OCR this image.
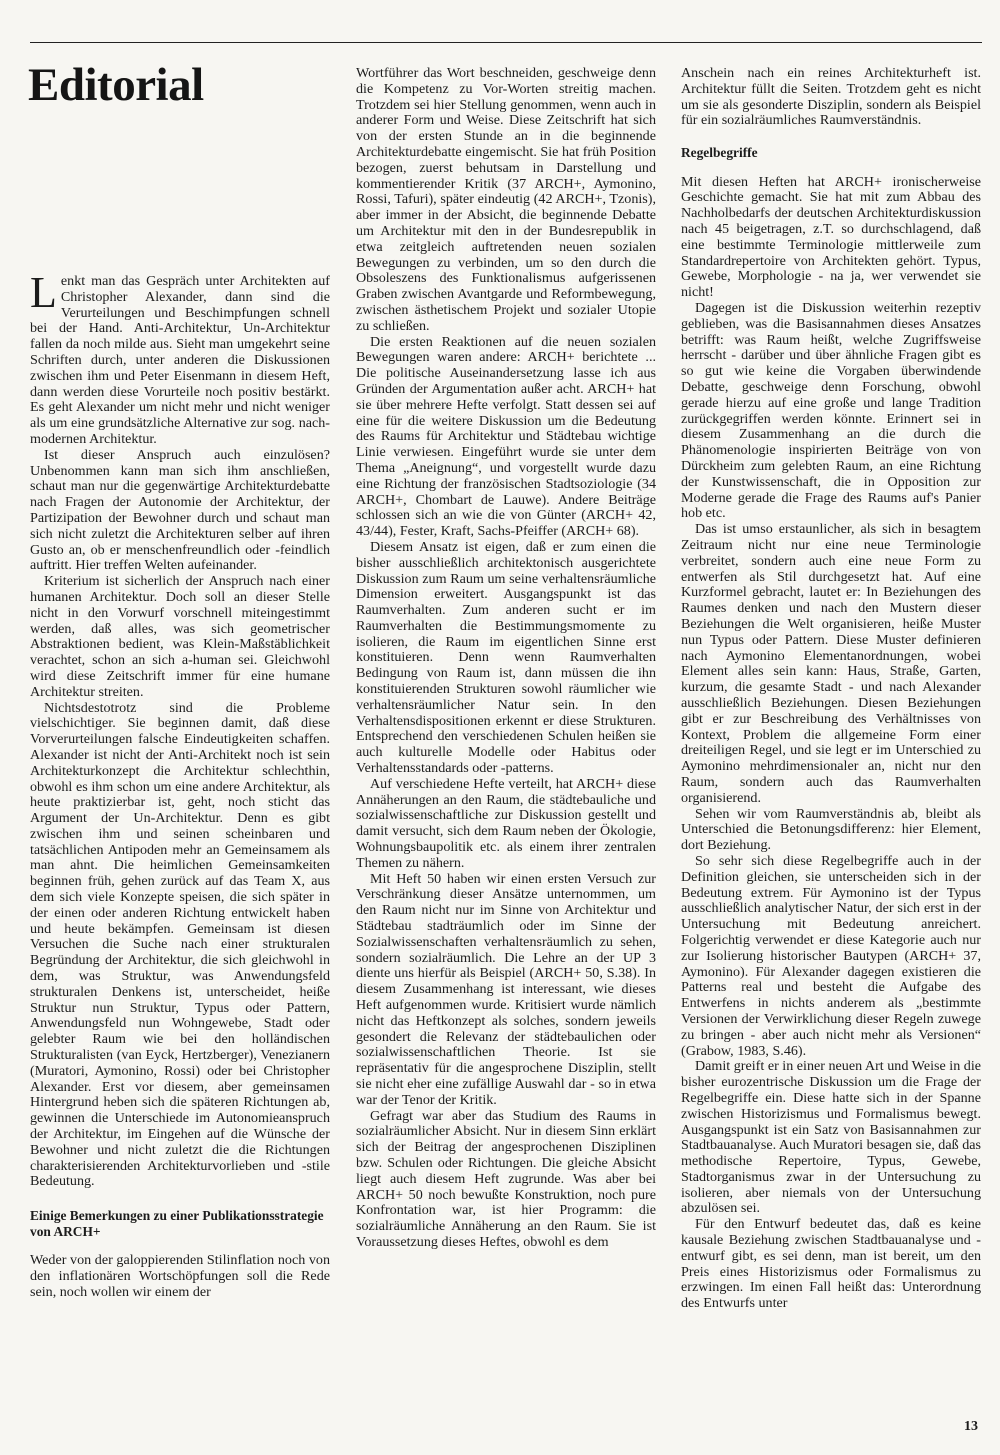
Editorial

Lenkt man das Gespräch unter Architekten auf Christopher Alexander, dann sind die Verurteilungen und Beschimpfungen schnell bei der Hand. Anti-Architektur, Un-Architektur fallen da noch milde aus. Sieht man umgekehrt seine Schriften durch, unter anderen die Diskussionen zwischen ihm und Peter Eisenmann in diesem Heft, dann werden diese Vorurteile noch positiv bestärkt. Es geht Alexander um nicht mehr und nicht weniger als um eine grundsätzliche Alternative zur sog. nach-modernen Architektur.

Ist dieser Anspruch auch einzulösen? Unbenommen kann man sich ihm anschließen, schaut man nur die gegenwärtige Architekturdebatte nach Fragen der Autonomie der Architektur, der Partizipation der Bewohner durch und schaut man sich nicht zuletzt die Architekturen selber auf ihren Gusto an, ob er menschenfreundlich oder -feindlich auftritt. Hier treffen Welten aufeinander.

Kriterium ist sicherlich der Anspruch nach einer humanen Architektur. Doch soll an dieser Stelle nicht in den Vorwurf vorschnell miteingestimmt werden, daß alles, was sich geometrischer Abstraktionen bedient, was Klein-Maßstäblichkeit verachtet, schon an sich a-human sei. Gleichwohl wird diese Zeitschrift immer für eine humane Architektur streiten.

Nichtsdestotrotz sind die Probleme vielschichtiger. Sie beginnen damit, daß diese Vorverurteilungen falsche Eindeutigkeiten schaffen. Alexander ist nicht der Anti-Architekt noch ist sein Architekturkonzept die Architektur schlechthin, obwohl es ihm schon um eine andere Architektur, als heute praktizierbar ist, geht, noch sticht das Argument der Un-Architektur. Denn es gibt zwischen ihm und seinen scheinbaren und tatsächlichen Antipoden mehr an Gemeinsamem als man ahnt. Die heimlichen Gemeinsamkeiten beginnen früh, gehen zurück auf das Team X, aus dem sich viele Konzepte speisen, die sich später in der einen oder anderen Richtung entwickelt haben und heute bekämpfen. Gemeinsam ist diesen Versuchen die Suche nach einer strukturalen Begründung der Architektur, die sich gleichwohl in dem, was Struktur, was Anwendungsfeld strukturalen Denkens ist, unterscheidet, heiße Struktur nun Struktur, Typus oder Pattern, Anwendungsfeld nun Wohngewebe, Stadt oder gelebter Raum wie bei den holländischen Strukturalisten (van Eyck, Hertzberger), Venezianern (Muratori, Aymonino, Rossi) oder bei Christopher Alexander. Erst vor diesem, aber gemeinsamen Hintergrund heben sich die späteren Richtungen ab, gewinnen die Unterschiede im Autonomieanspruch der Architektur, im Eingehen auf die Wünsche der Bewohner und nicht zuletzt die die Richtungen charakterisierenden Architekturvorlieben und -stile Bedeutung.

Einige Bemerkungen zu einer Publikationsstrategie von ARCH+

Weder von der galoppierenden Stilinflation noch von den inflationären Wortschöpfungen soll die Rede sein, noch wollen wir einem der

Wortführer das Wort beschneiden, geschweige denn die Kompetenz zu Vor-Worten streitig machen. Trotzdem sei hier Stellung genommen, wenn auch in anderer Form und Weise. Diese Zeitschrift hat sich von der ersten Stunde an in die beginnende Architekturdebatte eingemischt. Sie hat früh Position bezogen, zuerst behutsam in Darstellung und kommentierender Kritik (37 ARCH+, Aymonino, Rossi, Tafuri), später eindeutig (42 ARCH+, Tzonis), aber immer in der Absicht, die beginnende Debatte um Architektur mit den in der Bundesrepublik in etwa zeitgleich auftretenden neuen sozialen Bewegungen zu verbinden, um so den durch die Obsoleszens des Funktionalismus aufgerissenen Graben zwischen Avantgarde und Reformbewegung, zwischen ästhetischem Projekt und sozialer Utopie zu schließen.

Die ersten Reaktionen auf die neuen sozialen Bewegungen waren andere: ARCH+ berichtete ... Die politische Auseinandersetzung lasse ich aus Gründen der Argumentation außer acht. ARCH+ hat sie über mehrere Hefte verfolgt. Statt dessen sei auf eine für die weitere Diskussion um die Bedeutung des Raums für Architektur und Städtebau wichtige Linie verwiesen. Eingeführt wurde sie unter dem Thema „Aneignung“, und vorgestellt wurde dazu eine Richtung der französischen Stadtsoziologie (34 ARCH+, Chombart de Lauwe). Andere Beiträge schlossen sich an wie die von Günter (ARCH+ 42, 43/44), Fester, Kraft, Sachs-Pfeiffer (ARCH+ 68).

Diesem Ansatz ist eigen, daß er zum einen die bisher ausschließlich architektonisch ausgerichtete Diskussion zum Raum um seine verhaltensräumliche Dimension erweitert. Ausgangspunkt ist das Raumverhalten. Zum anderen sucht er im Raumverhalten die Bestimmungsmomente zu isolieren, die Raum im eigentlichen Sinne erst konstituieren. Denn wenn Raumverhalten Bedingung von Raum ist, dann müssen die ihn konstituierenden Strukturen sowohl räumlicher wie verhaltensräumlicher Natur sein. In den Verhaltensdispositionen erkennt er diese Strukturen. Entsprechend den verschiedenen Schulen heißen sie auch kulturelle Modelle oder Habitus oder Verhaltensstandards oder -patterns.

Auf verschiedene Hefte verteilt, hat ARCH+ diese Annäherungen an den Raum, die städtebauliche und sozialwissenschaftliche zur Diskussion gestellt und damit versucht, sich dem Raum neben der Ökologie, Wohnungsbaupolitik etc. als einem ihrer zentralen Themen zu nähern.

Mit Heft 50 haben wir einen ersten Versuch zur Verschränkung dieser Ansätze unternommen, um den Raum nicht nur im Sinne von Architektur und Städtebau stadträumlich oder im Sinne der Sozialwissenschaften verhaltensräumlich zu sehen, sondern sozialräumlich. Die Lehre an der UP 3 diente uns hierfür als Beispiel (ARCH+ 50, S.38). In diesem Zusammenhang ist interessant, wie dieses Heft aufgenommen wurde. Kritisiert wurde nämlich nicht das Heftkonzept als solches, sondern jeweils gesondert die Relevanz der städtebaulichen oder sozialwissenschaftlichen Theorie. Ist sie repräsentativ für die angesprochene Disziplin, stellt sie nicht eher eine zufällige Auswahl dar - so in etwa war der Tenor der Kritik.

Gefragt war aber das Studium des Raums in sozialräumlicher Absicht. Nur in diesem Sinn erklärt sich der Beitrag der angesprochenen Disziplinen bzw. Schulen oder Richtungen. Die gleiche Absicht liegt auch diesem Heft zugrunde. Was aber bei ARCH+ 50 noch bewußte Konstruktion, noch pure Konfrontation war, ist hier Programm: die sozialräumliche Annäherung an den Raum. Sie ist Voraussetzung dieses Heftes, obwohl es dem

Anschein nach ein reines Architekturheft ist. Architektur füllt die Seiten. Trotzdem geht es nicht um sie als gesonderte Disziplin, sondern als Beispiel für ein sozialräumliches Raumverständnis.

Regelbegriffe

Mit diesen Heften hat ARCH+ ironischerweise Geschichte gemacht. Sie hat mit zum Abbau des Nachholbedarfs der deutschen Architekturdiskussion nach 45 beigetragen, z.T. so durchschlagend, daß eine bestimmte Terminologie mittlerweile zum Standardrepertoire von Architekten gehört. Typus, Gewebe, Morphologie - na ja, wer verwendet sie nicht!

Dagegen ist die Diskussion weiterhin rezeptiv geblieben, was die Basisannahmen dieses Ansatzes betrifft: was Raum heißt, welche Zugriffsweise herrscht - darüber und über ähnliche Fragen gibt es so gut wie keine die Vorgaben überwindende Debatte, geschweige denn Forschung, obwohl gerade hierzu auf eine große und lange Tradition zurückgegriffen werden könnte. Erinnert sei in diesem Zusammenhang an die durch die Phänomenologie inspirierten Beiträge von von Dürckheim zum gelebten Raum, an eine Richtung der Kunstwissenschaft, die in Opposition zur Moderne gerade die Frage des Raums auf's Panier hob etc.

Das ist umso erstaunlicher, als sich in besagtem Zeitraum nicht nur eine neue Terminologie verbreitet, sondern auch eine neue Form zu entwerfen als Stil durchgesetzt hat. Auf eine Kurzformel gebracht, lautet er: In Beziehungen des Raumes denken und nach den Mustern dieser Beziehungen die Welt organisieren, heiße Muster nun Typus oder Pattern. Diese Muster definieren nach Aymonino Elementanordnungen, wobei Element alles sein kann: Haus, Straße, Garten, kurzum, die gesamte Stadt - und nach Alexander ausschließlich Beziehungen. Diesen Beziehungen gibt er zur Beschreibung des Verhältnisses von Kontext, Problem die allgemeine Form einer dreiteiligen Regel, und sie legt er im Unterschied zu Aymonino mehrdimensionaler an, nicht nur den Raum, sondern auch das Raumverhalten organisierend.

Sehen wir vom Raumverständnis ab, bleibt als Unterschied die Betonungsdifferenz: hier Element, dort Beziehung.

So sehr sich diese Regelbegriffe auch in der Definition gleichen, sie unterscheiden sich in der Bedeutung extrem. Für Aymonino ist der Typus ausschließlich analytischer Natur, der sich erst in der Untersuchung mit Bedeutung anreichert. Folgerichtig verwendet er diese Kategorie auch nur zur Isolierung historischer Bautypen (ARCH+ 37, Aymonino). Für Alexander dagegen existieren die Patterns real und besteht die Aufgabe des Entwerfens in nichts anderem als „bestimmte Versionen der Verwirklichung dieser Regeln zuwege zu bringen - aber auch nicht mehr als Versionen“ (Grabow, 1983, S.46).

Damit greift er in einer neuen Art und Weise in die bisher eurozentrische Diskussion um die Frage der Regelbegriffe ein. Diese hatte sich in der Spanne zwischen Historizismus und Formalismus bewegt. Ausgangspunkt ist ein Satz von Basisannahmen zur Stadtbauanalyse. Auch Muratori besagen sie, daß das methodische Repertoire, Typus, Gewebe, Stadtorganismus zwar in der Untersuchung zu isolieren, aber niemals von der Untersuchung abzulösen sei.

Für den Entwurf bedeutet das, daß es keine kausale Beziehung zwischen Stadtbauanalyse und -entwurf gibt, es sei denn, man ist bereit, um den Preis eines Historizismus oder Formalismus zu erzwingen. Im einen Fall heißt das: Unterordnung des Entwurfs unter

13
